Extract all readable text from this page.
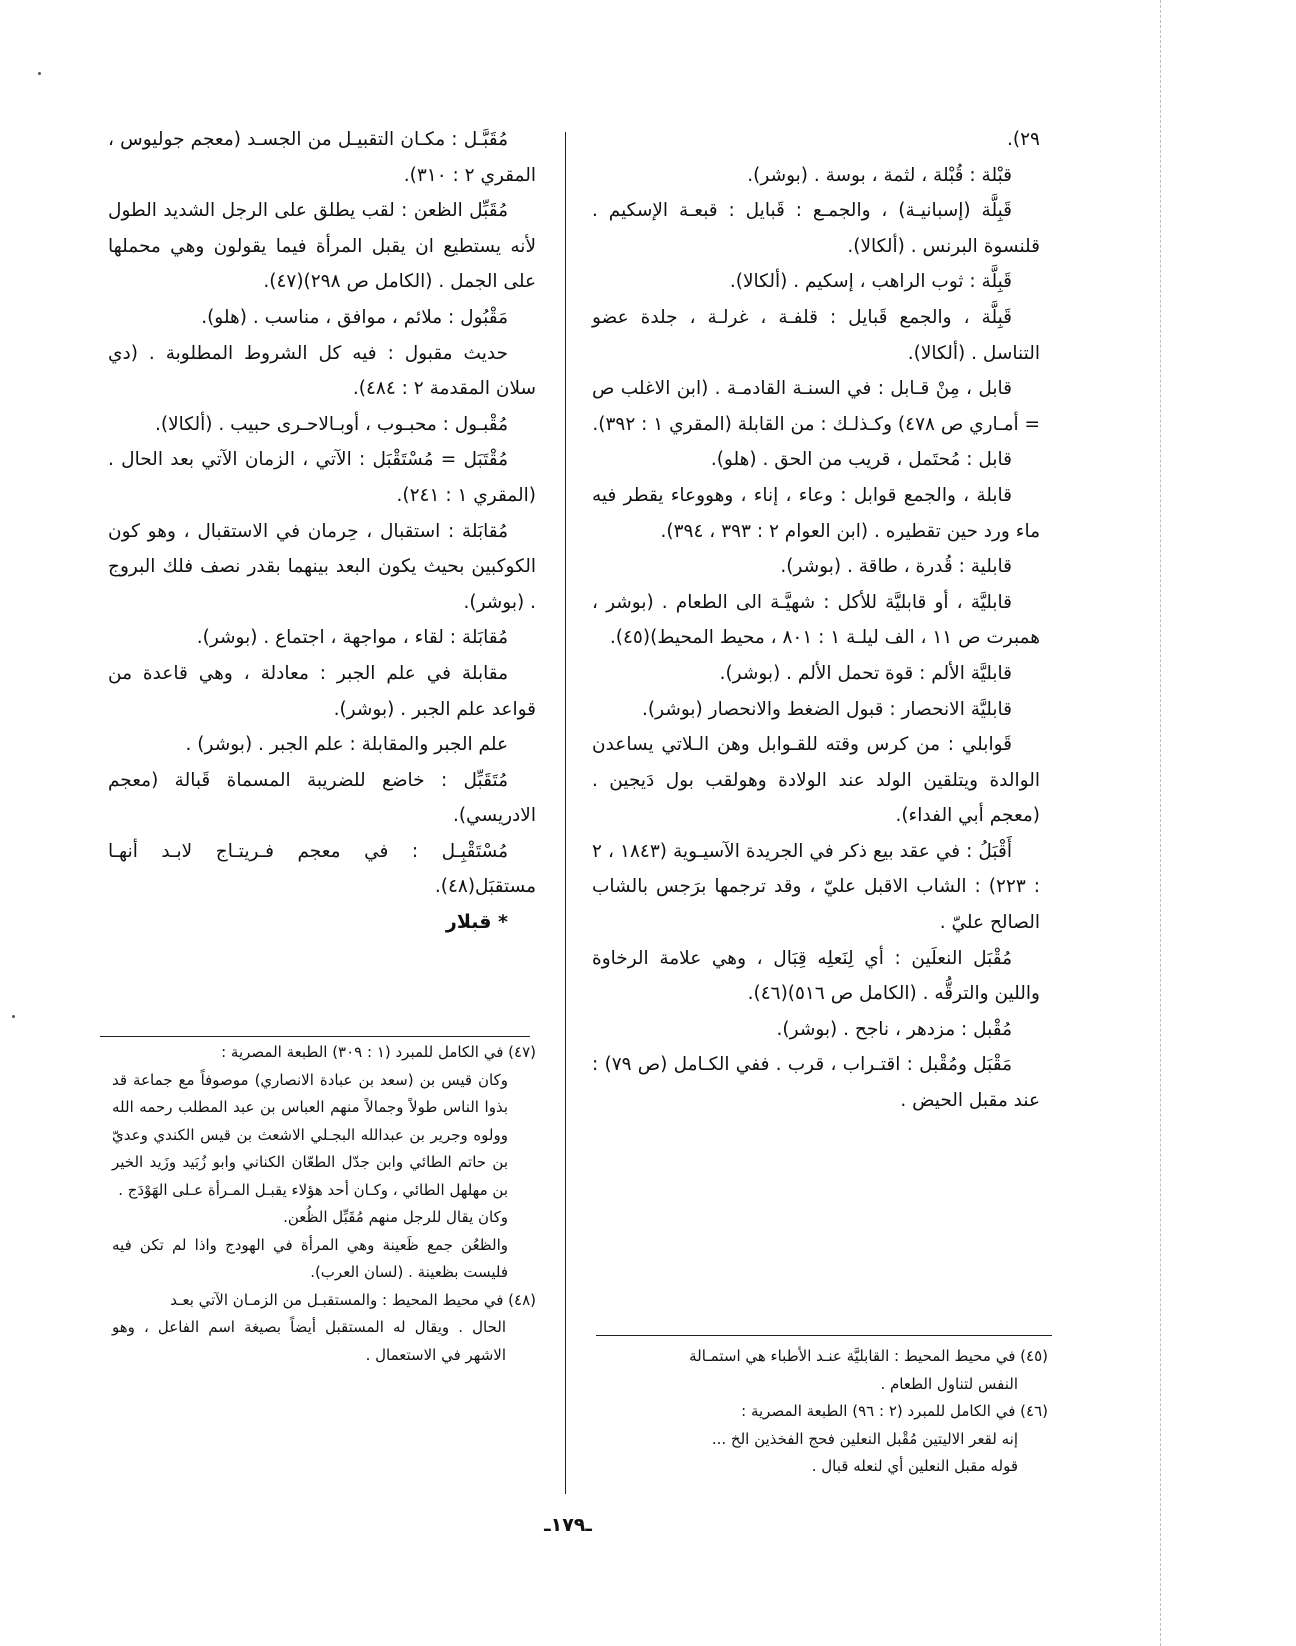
٢٩).

قبْلة : قُبْلة ، لثمة ، بوسة . (بوشر).

قَبِلَّة (إسبانيـة) ، والجمـع : قَبايل : قبعـة الإسكيم . قلنسوة البرنس . (ألكالا).

قَبِلَّة : ثوب الراهب ، إسكيم . (ألكالا).

قَبِلَّة ، والجمع قَبايل : قلفـة ، غرلـة ، جلدة عضو التناسل . (ألكالا).

قابل ، مِنْ قـابل : في السنـة القادمـة . (ابن الاغلب ص = أمـاري ص ٤٧٨) وكـذلـك : من القابلة (المقري ١ : ٣٩٢).

قابل : مُحتَمل ، قريب من الحق . (هلو).

قابلة ، والجمع قوابل : وعاء ، إناء ، وهووعاء يقطر فيه ماء ورد حين تقطيره . (ابن العوام ٢ : ٣٩٣ ، ٣٩٤).

قابلية : قُدرة ، طاقة . (بوشر).

قابليَّة ، أو قابليَّة للأكل : شهيَّـة الى الطعام . (بوشر ، همبرت ص ١١ ، الف ليلـة ١ : ٨٠١ ، محيط المحيط)(٤٥).

قابليَّة الألم : قوة تحمل الألم . (بوشر).

قابليَّة الانحصار : قبول الضغط والانحصار (بوشر).

قَوابلي : من كرس وقته للقـوابل وهن الـلاتي يساعدن الوالدة ويتلقين الولد عند الولادة وهولقب بول دَيجين . (معجم أبي الفداء).

أَقْبَلُ : في عقد بيع ذكر في الجريدة الآسيـوية (١٨٤٣ ، ٢ : ٢٢٣) : الشاب الاقبل عليّ ، وقد ترجمها برَجس بالشاب الصالح عليّ .

مُقْبَل النعلَين : أي لِنَعلِه قِبَال ، وهي علامة الرخاوة واللين والترقُّه . (الكامل ص ٥١٦)(٤٦).

مُقْبل : مزدهر ، ناجح . (بوشر).

مَقْبَل ومُقْبل : اقتـراب ، قرب . ففي الكـامل (ص ٧٩) : عند مقبل الحيض .

مُقَبَّـل : مكـان التقبيـل من الجسـد (معجم جوليوس ، المقري ٢ : ٣١٠).

مُقَبِّل الظعن : لقب يطلق على الرجل الشديد الطول لأنه يستطيع ان يقبل المرأة فيما يقولون وهي محملها على الجمل . (الكامل ص ٢٩٨)(٤٧).

مَقْبُول : ملائم ، موافق ، مناسب . (هلو).

حديث مقبول : فيه كل الشروط المطلوبة . (دي سلان المقدمة ٢ : ٤٨٤).

مُقْبـول : محبـوب ، أوبـالاحـرى حبيب . (ألكالا).

مُقْتَبَل = مُسْتَقْبَل : الآتي ، الزمان الآتي بعد الحال . (المقري ١ : ٢٤١).

مُقابَلة : استقبال ، حِرمان في الاستقبال ، وهو كون الكوكبين بحيث يكون البعد بينهما بقدر نصف فلك البروج . (بوشر).

مُقابَلة : لقاء ، مواجهة ، اجتماع . (بوشر).

مقابلة في علم الجبر : معادلة ، وهي قاعدة من قواعد علم الجبر . (بوشر).

علم الجبر والمقابلة : علم الجبر . (بوشر) .

مُتَقَبِّل : خاضع للضريبة المسماة قَبالة (معجم الادريسي).

مُسْتَقْبِـل : في معجم فـريتـاج لابـد أنهـا مستقبَل(٤٨).

* قبلار

(٤٧) في الكامل للمبرد (١ : ٣٠٩) الطبعة المصرية :

وكان قيس بن (سعد بن عبادة الانصاري) موصوفاً مع جماعة قد بذوا الناس طولاً وجمالاً منهم العباس بن عبد المطلب رحمه الله وولوه وجرير بن عبدالله البجـلي الاشعث بن قيس الكندي وعديّ بن حاتم الطائي وابن جدّل الطعّان الكناني وابو زُبَيد وزَيد الخير بن مهلهل الطائي ، وكـان أحد هؤلاء يقبـل المـرأة عـلى الهَوْدَج .

وكان يقال للرجل منهم مُقَبِّل الظُعن.

والظعُن جمع ظَعينة وهي المرأة في الهودج واذا لم تكن فيه فليست بظعينة . (لسان العرب).

(٤٨) في محيط المحيط : والمستقبـل من الزمـان الآتي بعـد

الحال . ويقال له المستقبل أيضاً بصيغة اسم الفاعل ، وهو الاشهر في الاستعمال .	(٤٥) في محيط المحيط : القابليَّة عنـد الأطباء هي استمـالة

النفس لتناول الطعام .

(٤٦) في الكامل للمبرد (٢ : ٩٦) الطبعة المصرية :

إنه لقعر الاليتين مُقْبل النعلين فحج الفخذين الخ ...

قوله مقبل النعلين أي لنعله قبال .

ـ١٧٩ـ
